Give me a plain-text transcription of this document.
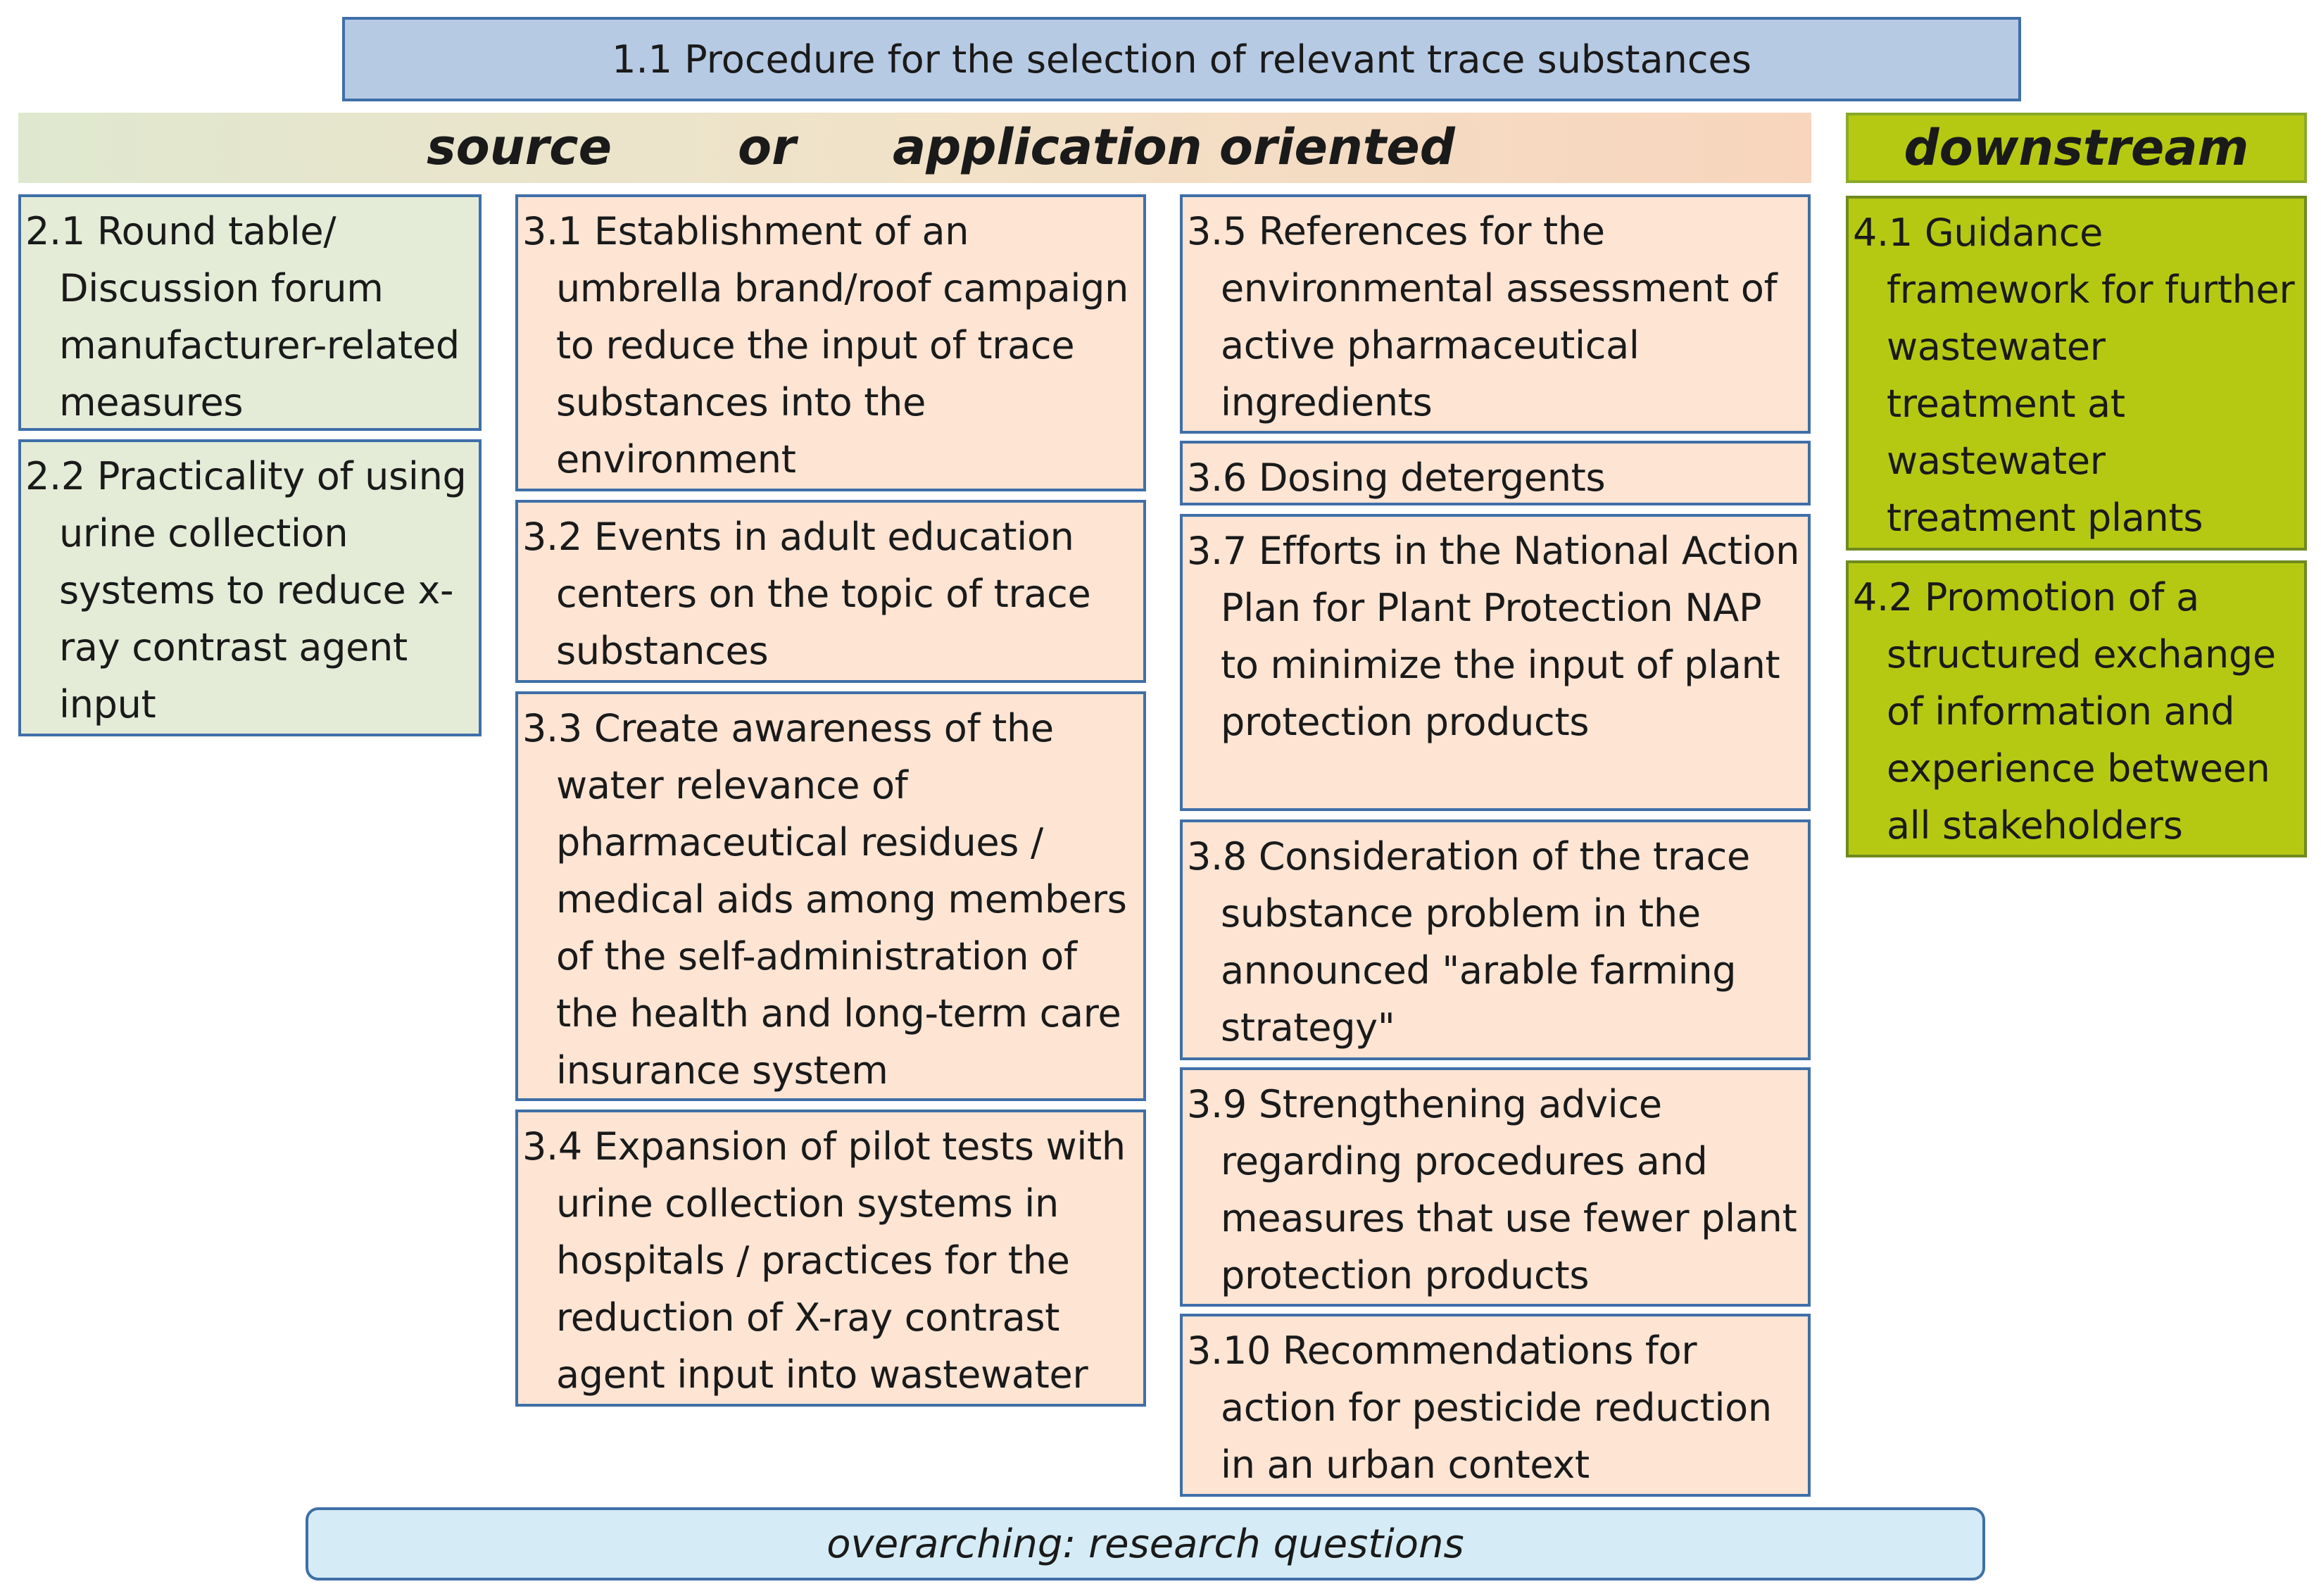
1.1 Procedure for the selection of relevant trace substances
source	or application oriented	downstream
2.1 Round table/ Discussion forum manufacturer-related measures
2.2 Practicality of using urine collection systems to reduce x-ray contrast agent input
3.1 Establishment of an umbrella brand/roof campaign to reduce the input of trace substances into the environment
3.2 Events in adult education centers on the topic of trace substances
3.3 Create awareness of the water relevance of pharmaceutical residues / medical aids among members of the self-administration of the health and long-term care insurance system
3.4 Expansion of pilot tests with urine collection systems in hospitals / practices for the reduction of X-ray contrast agent input into wastewater
3.5 References for the environmental assessment of active pharmaceutical ingredients
3.6 Dosing detergents
3.7 Efforts in the National Action Plan for Plant Protection NAP to minimize the input of plant protection products
3.8 Consideration of the trace substance problem in the announced "arable farming strategy"
3.9 Strengthening advice regarding procedures and measures that use fewer plant protection products
3.10 Recommendations for action for pesticide reduction in an urban context
4.1 Guidance framework for further wastewater treatment at wastewater treatment plants
4.2 Promotion of a structured exchange of information and experience between all stakeholders
overarching: research questions
